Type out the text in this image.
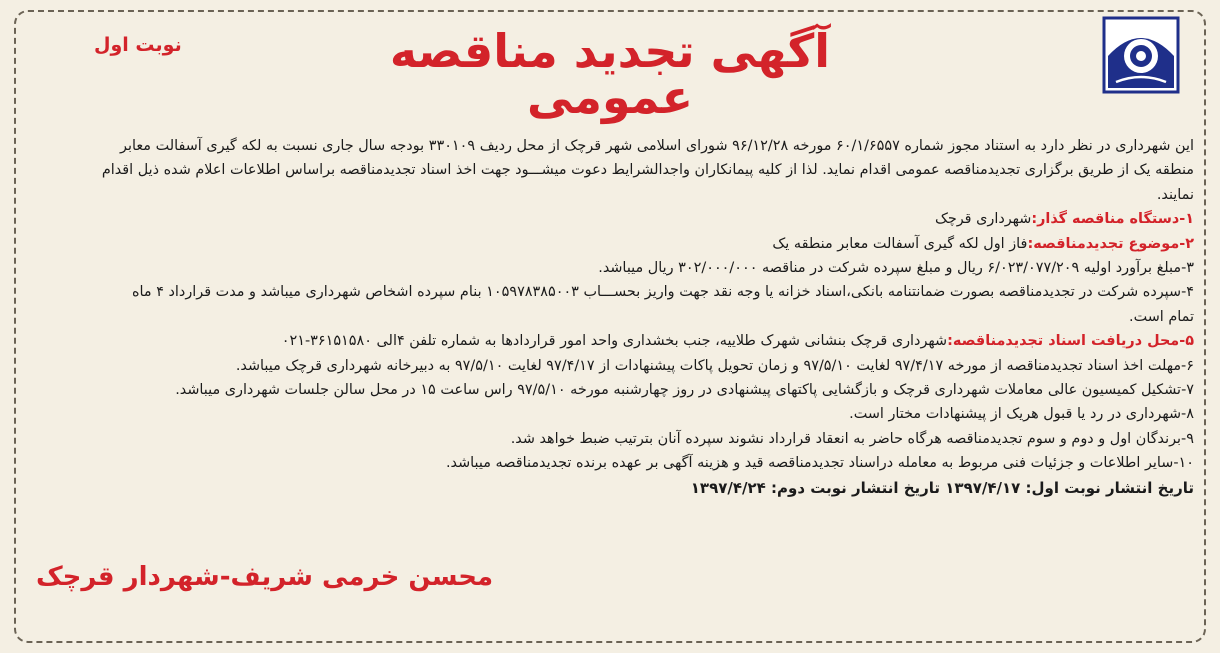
نوبت اول	آگهی تجدید مناقصه عمومی

این شهرداری در نظر دارد به استناد مجوز شماره ۶۰/۱/۶۵۵۷ مورخه ۹۶/۱۲/۲۸ شورای اسلامی شهر قرچک از محل ردیف ۳۳۰۱۰۹ بودجه سال جاری نسبت به لکه گیری آسفالت معابر

منطقه یک از طریق برگزاری تجدیدمناقصه عمومی اقدام نماید. لذا از کلیه پیمانکاران واجدالشرایط دعوت میشـــود جهت اخذ اسناد تجدیدمناقصه براساس اطلاعات اعلام شده ذیل اقدام

نمایند.

۱-دستگاه مناقصه گذار:شهرداری قرچک

۲-موضوع تجدیدمناقصه:فاز اول لکه گیری آسفالت معابر منطقه یک

۳-مبلغ برآورد اولیه ۶/۰۲۳/۰۷۷/۲۰۹ ریال و مبلغ سپرده شرکت در مناقصه ۳۰۲/۰۰۰/۰۰۰ ریال میباشد.

۴-سپرده شرکت در تجدیدمناقصه بصورت ضمانتنامه بانکی،اسناد خزانه یا وجه نقد جهت واریز بحســـاب ۱۰۵۹۷۸۳۸۵۰۰۳ بنام سپرده اشخاص شهرداری میباشد و مدت قرارداد ۴ ماه

تمام است.

۵-محل دریافت اسناد تجدیدمناقصه:شهرداری قرچک بنشانی شهرک طلاییه، جنب بخشداری واحد امور قراردادها به شماره تلفن ۴الی ۳۶۱۵۱۵۸۰-۰۲۱

۶-مهلت اخذ اسناد تجدیدمناقصه از مورخه ۹۷/۴/۱۷ لغایت ۹۷/۵/۱۰ و زمان تحویل پاکات پیشنهادات از ۹۷/۴/۱۷ لغایت ۹۷/۵/۱۰ به دبیرخانه شهرداری قرچک میباشد.

۷-تشکیل کمیسیون عالی معاملات شهرداری قرچک و بازگشایی پاکتهای پیشنهادی در روز چهارشنبه مورخه ۹۷/۵/۱۰ راس ساعت ۱۵ در محل سالن جلسات شهرداری میباشد.

۸-شهرداری در رد یا قبول هریک از پیشنهادات مختار است.

۹-برندگان اول و دوم و سوم تجدیدمناقصه هرگاه حاضر به انعقاد قرارداد نشوند سپرده آنان بترتیب ضبط خواهد شد.

۱۰-سایر اطلاعات و جزئیات فنی مربوط به معامله دراسناد تجدیدمناقصه قید و هزینه آگهی بر عهده برنده تجدیدمناقصه میباشد.

تاریخ انتشار نوبت اول: ۱۳۹۷/۴/۱۷ تاریخ انتشار نوبت دوم: ۱۳۹۷/۴/۲۴

محسن خرمی شریف-شهردار قرچک
